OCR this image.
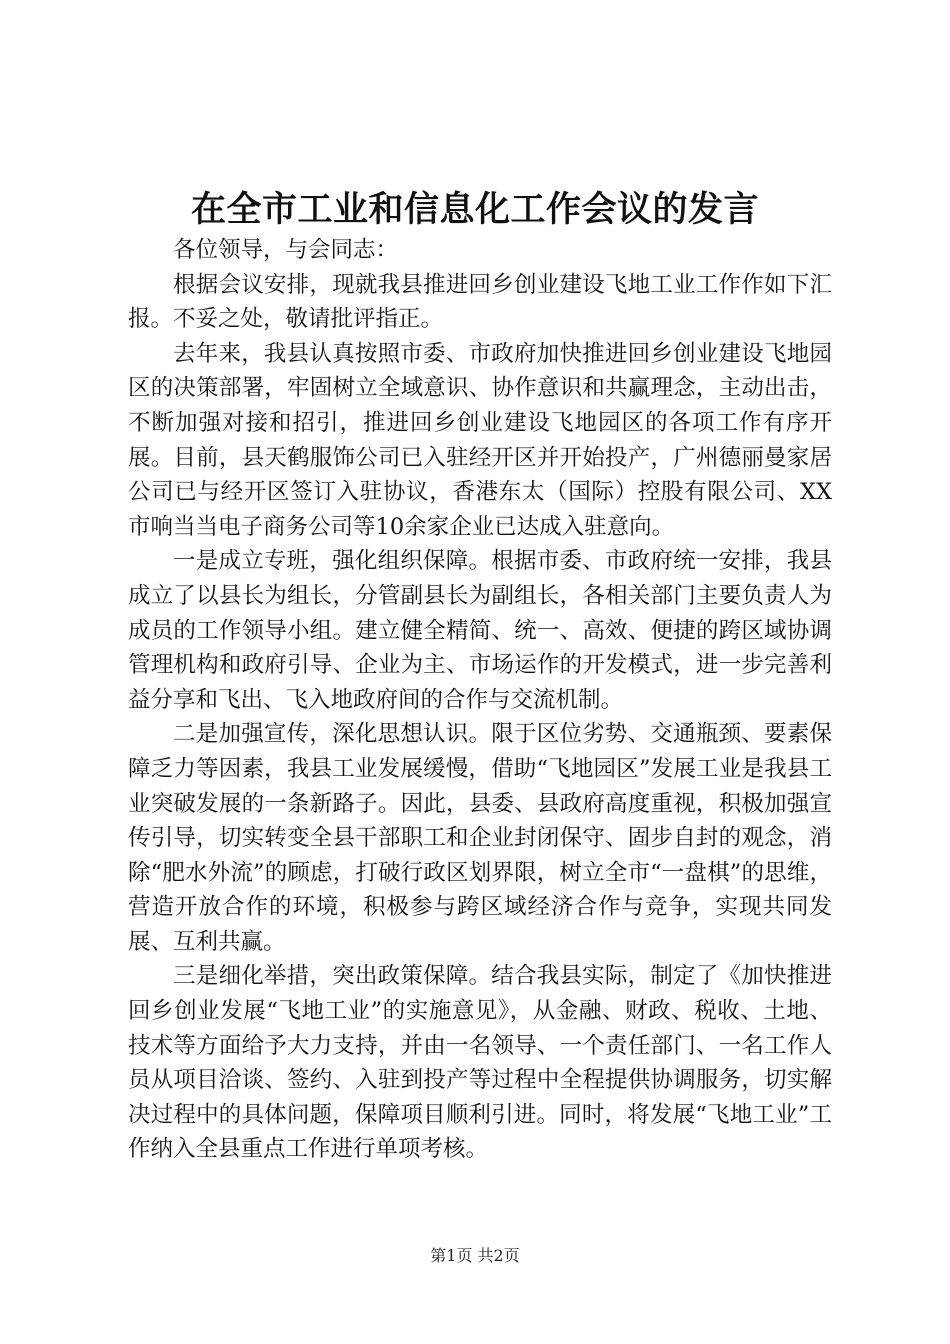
在全市工业和信息化工作会议的发言

各位领导，与会同志：

根据会议安排，现就我县推进回乡创业建设飞地工业工作作如下汇报。不妥之处，敬请批评指正。

去年来，我县认真按照市委、市政府加快推进回乡创业建设飞地园区的决策部署，牢固树立全域意识、协作意识和共赢理念，主动出击，不断加强对接和招引，推进回乡创业建设飞地园区的各项工作有序开展。目前，县天鹤服饰公司已入驻经开区并开始投产，广州德丽曼家居公司已与经开区签订入驻协议，香港东太（国际）控股有限公司、XX市响当当电子商务公司等10余家企业已达成入驻意向。

一是成立专班，强化组织保障。根据市委、市政府统一安排，我县成立了以县长为组长，分管副县长为副组长，各相关部门主要负责人为成员的工作领导小组。建立健全精简、统一、高效、便捷的跨区域协调管理机构和政府引导、企业为主、市场运作的开发模式，进一步完善利益分享和飞出、飞入地政府间的合作与交流机制。

二是加强宣传，深化思想认识。限于区位劣势、交通瓶颈、要素保障乏力等因素，我县工业发展缓慢，借助“飞地园区”发展工业是我县工业突破发展的一条新路子。因此，县委、县政府高度重视，积极加强宣传引导，切实转变全县干部职工和企业封闭保守、固步自封的观念，消除“肥水外流”的顾虑，打破行政区划界限，树立全市“一盘棋”的思维，营造开放合作的环境，积极参与跨区域经济合作与竞争，实现共同发展、互利共赢。

三是细化举措，突出政策保障。结合我县实际，制定了《加快推进回乡创业发展“飞地工业”的实施意见》，从金融、财政、税收、土地、技术等方面给予大力支持，并由一名领导、一个责任部门、一名工作人员从项目洽谈、签约、入驻到投产等过程中全程提供协调服务，切实解决过程中的具体问题，保障项目顺利引进。同时，将发展“飞地工业”工作纳入全县重点工作进行单项考核。

第1页 共2页
